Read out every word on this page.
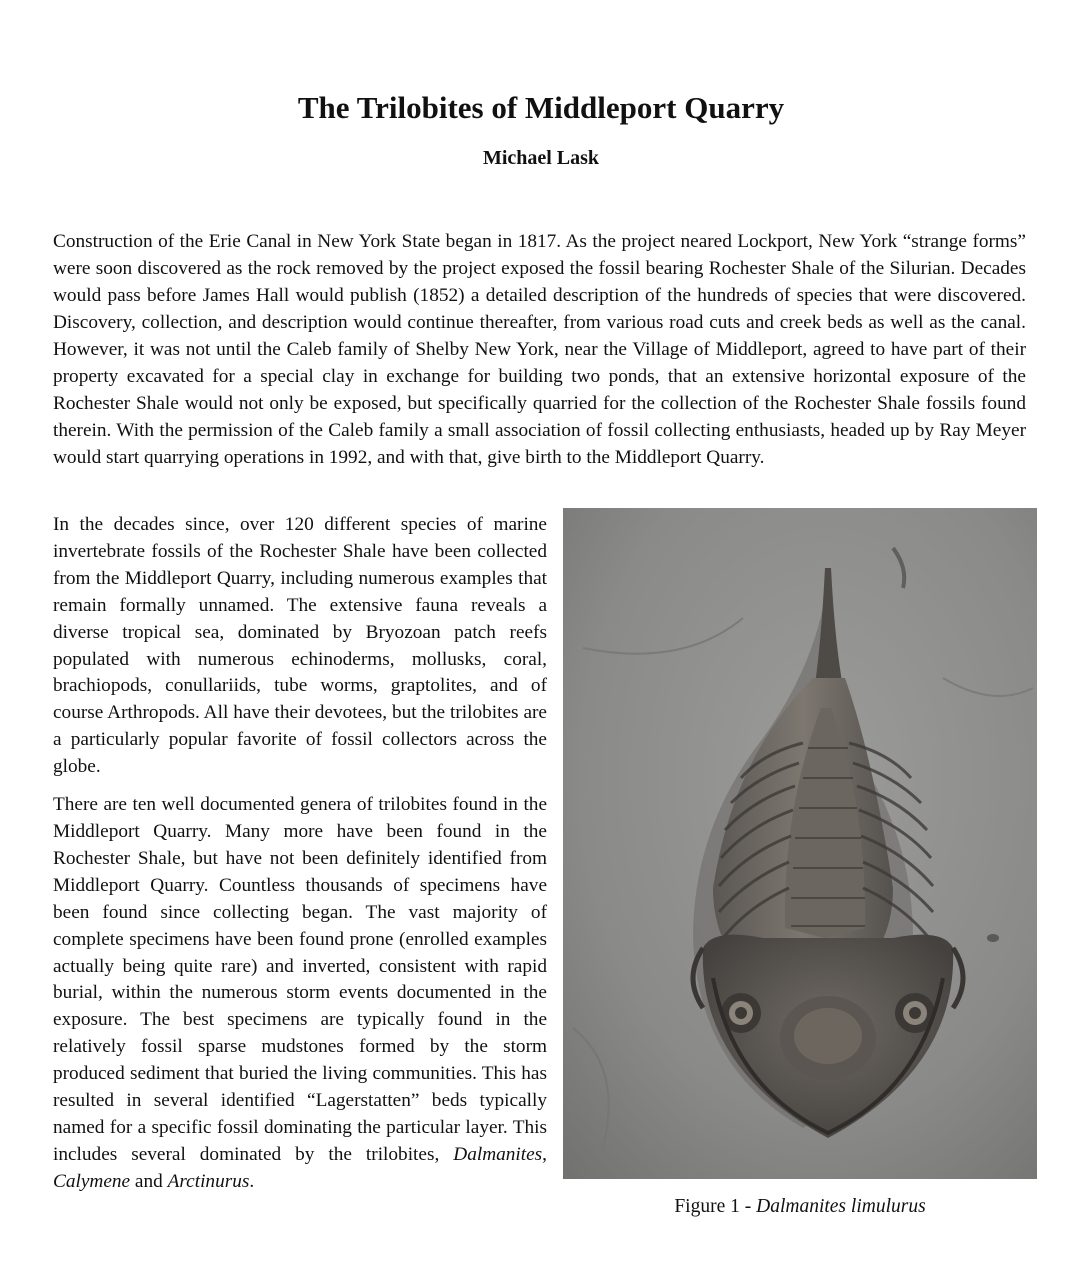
The Trilobites of Middleport Quarry
Michael Lask

Construction of the Erie Canal in New York State began in 1817. As the project neared Lockport, New York “strange forms” were soon discovered as the rock removed by the project exposed the fossil bearing Rochester Shale of the Silurian. Decades would pass before James Hall would publish (1852) a detailed description of the hundreds of species that were discovered. Discovery, collection, and description would continue thereafter, from various road cuts and creek beds as well as the canal. However, it was not until the Caleb family of Shelby New York, near the Village of Middleport, agreed to have part of their property excavated for a special clay in exchange for building two ponds, that an extensive horizontal exposure of the Rochester Shale would not only be exposed, but specifically quarried for the collection of the Rochester Shale fossils found therein. With the permission of the Caleb family a small association of fossil collecting enthusiasts, headed up by Ray Meyer would start quarrying operations in 1992, and with that, give birth to the Middleport Quarry.

In the decades since, over 120 different species of marine invertebrate fossils of the Rochester Shale have been collected from the Middleport Quarry, including numerous examples that remain formally unnamed. The extensive fauna reveals a diverse tropical sea, dominated by Bryozoan patch reefs populated with numerous echinoderms, mollusks, coral, brachiopods, conullariids, tube worms, graptolites, and of course Arthropods. All have their devotees, but the trilobites are a particularly popular favorite of fossil collectors across the globe.

There are ten well documented genera of trilobites found in the Middleport Quarry. Many more have been found in the Rochester Shale, but have not been definitely identified from Middleport Quarry. Countless thousands of specimens have been found since collecting began. The vast majority of complete specimens have been found prone (enrolled examples actually being quite rare) and inverted, consistent with rapid burial, within the numerous storm events documented in the exposure. The best specimens are typically found in the relatively fossil sparse mudstones formed by the storm produced sediment that buried the living communities. This has resulted in several identified “Lagerstatten” beds typically named for a specific fossil dominating the particular layer. This includes several dominated by the trilobites, Dalmanites, Calymene and Arctinurus.

Figure 1 - Dalmanites limulurus
